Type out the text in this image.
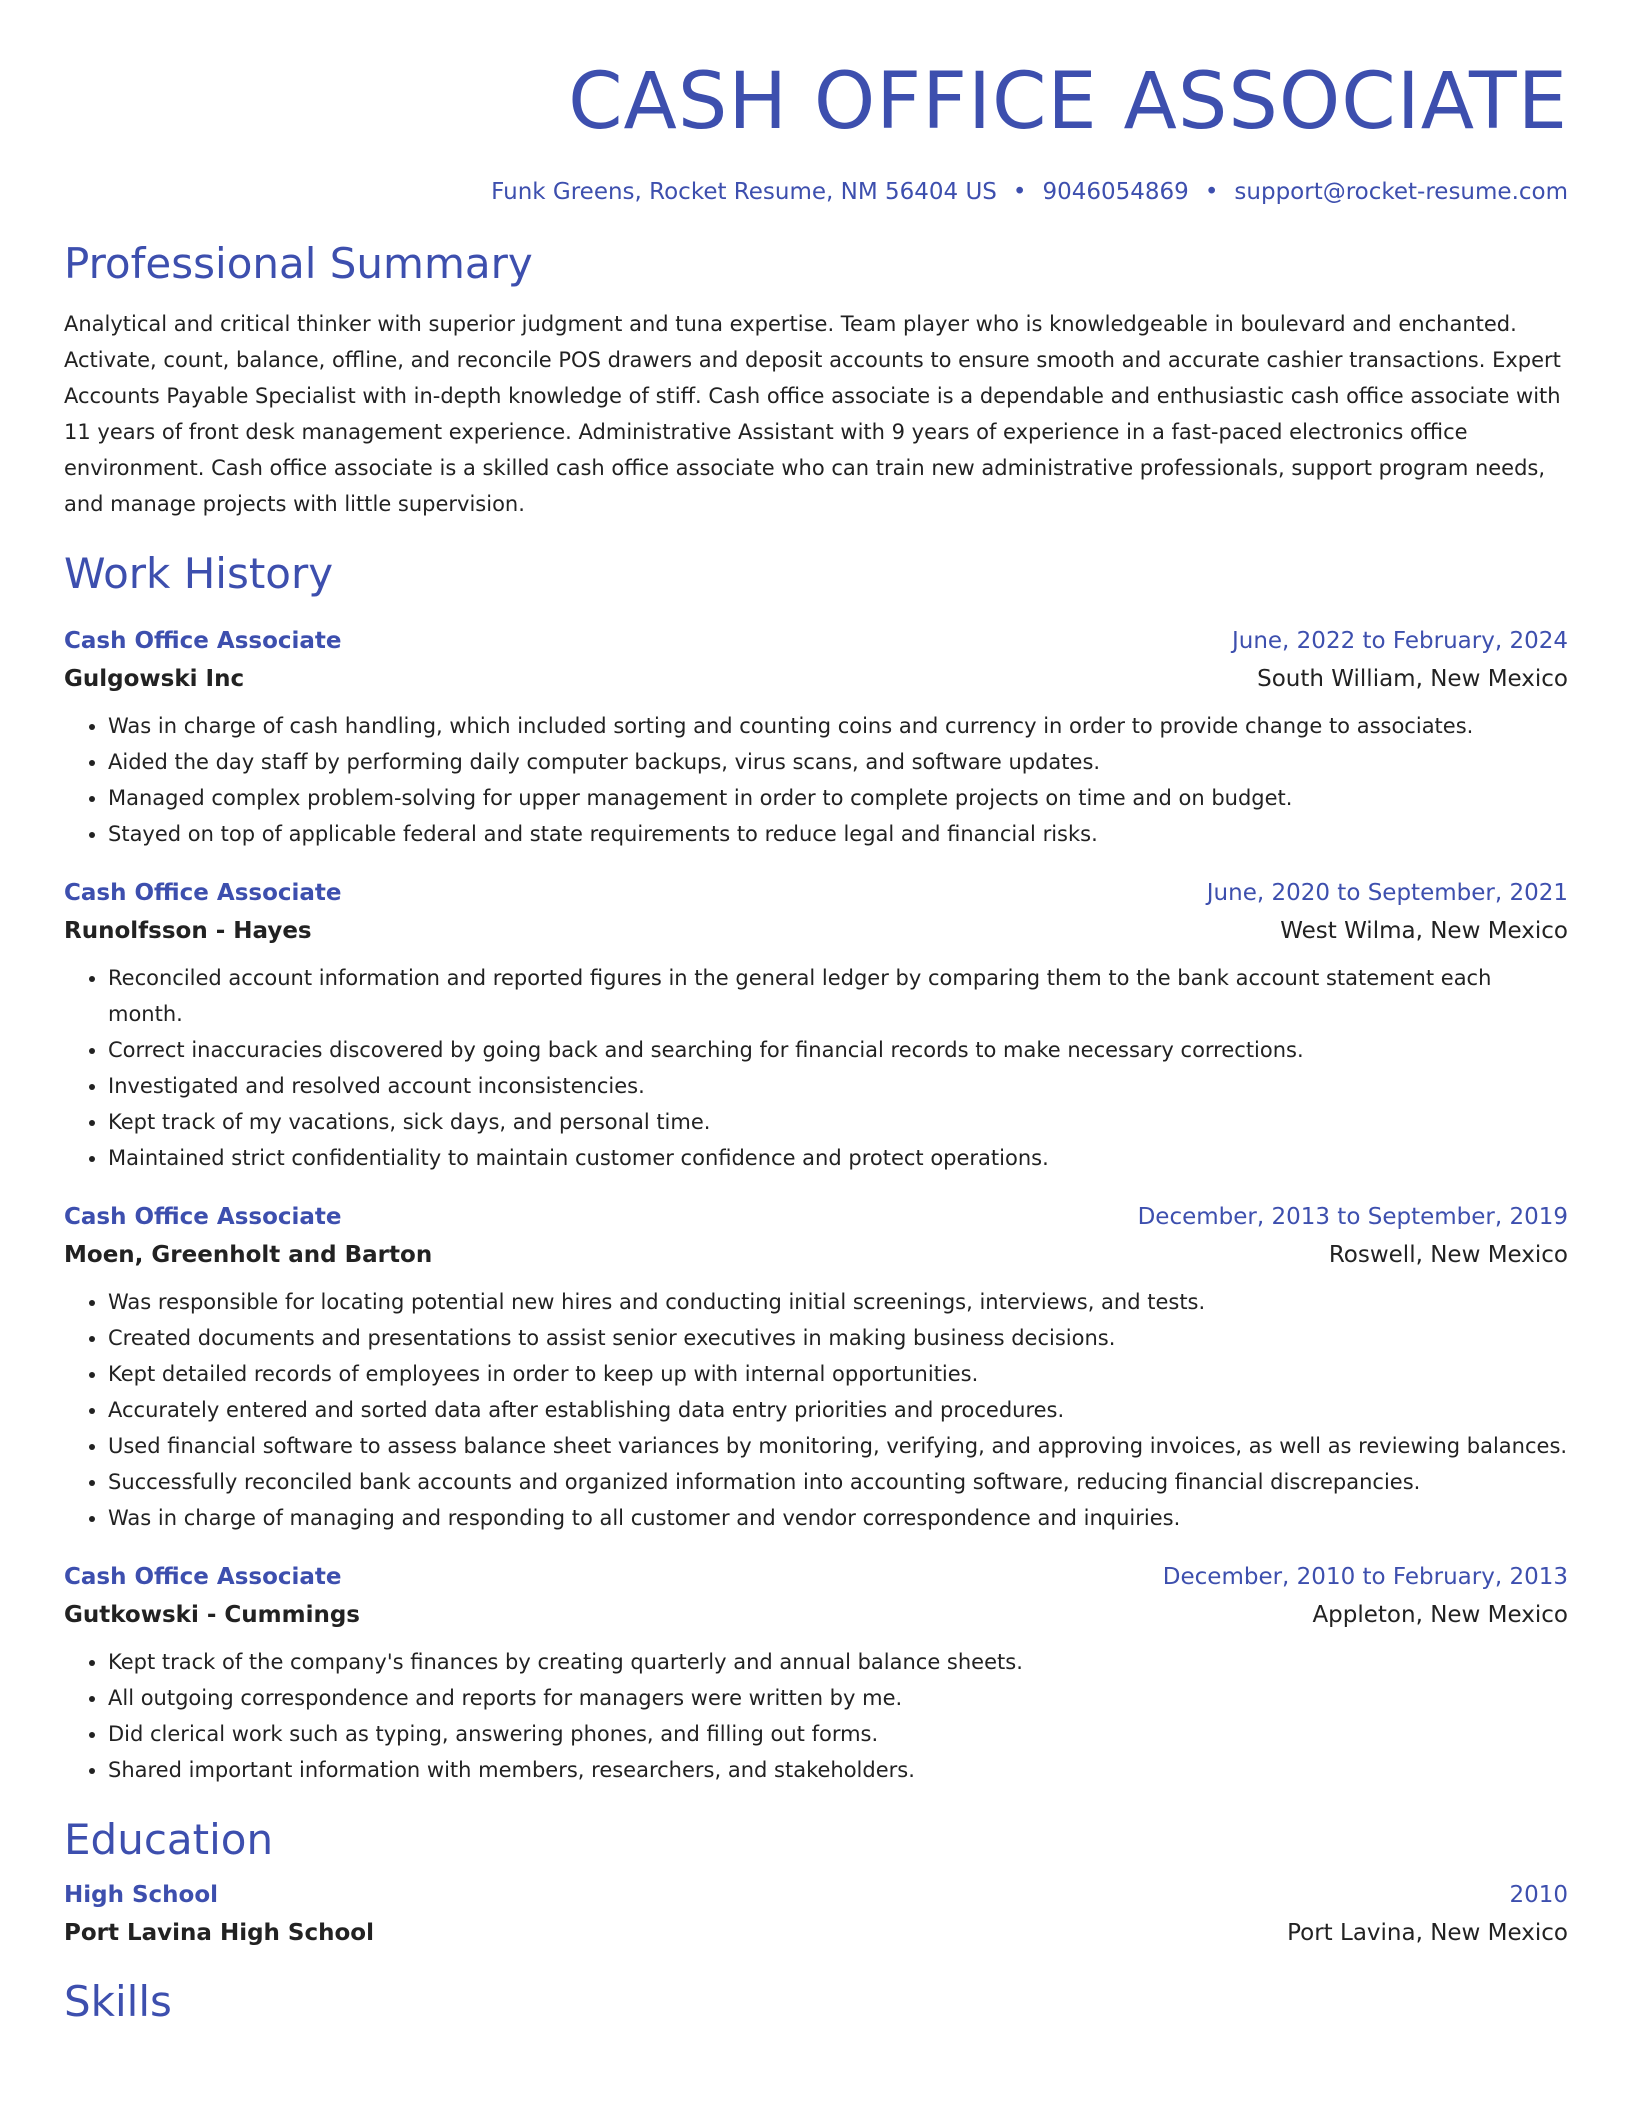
CASH OFFICE ASSOCIATE
Funk Greens, Rocket Resume, NM 56404 US • 9046054869 • support@rocket-resume.com
Professional Summary
Analytical and critical thinker with superior judgment and tuna expertise. Team player who is knowledgeable in boulevard and enchanted. Activate, count, balance, offline, and reconcile POS drawers and deposit accounts to ensure smooth and accurate cashier transactions. Expert Accounts Payable Specialist with in-depth knowledge of stiff. Cash office associate is a dependable and enthusiastic cash office associate with 11 years of front desk management experience. Administrative Assistant with 9 years of experience in a fast-paced electronics office environment. Cash office associate is a skilled cash office associate who can train new administrative professionals, support program needs, and manage projects with little supervision.
Work History
Cash Office Associate	June, 2022 to February, 2024
Gulgowski Inc	South William, New Mexico
• Was in charge of cash handling, which included sorting and counting coins and currency in order to provide change to associates.
• Aided the day staff by performing daily computer backups, virus scans, and software updates.
• Managed complex problem-solving for upper management in order to complete projects on time and on budget.
• Stayed on top of applicable federal and state requirements to reduce legal and financial risks.
Cash Office Associate	June, 2020 to September, 2021
Runolfsson - Hayes	West Wilma, New Mexico
• Reconciled account information and reported figures in the general ledger by comparing them to the bank account statement each month.
• Correct inaccuracies discovered by going back and searching for financial records to make necessary corrections.
• Investigated and resolved account inconsistencies.
• Kept track of my vacations, sick days, and personal time.
• Maintained strict confidentiality to maintain customer confidence and protect operations.
Cash Office Associate	December, 2013 to September, 2019
Moen, Greenholt and Barton	Roswell, New Mexico
• Was responsible for locating potential new hires and conducting initial screenings, interviews, and tests.
• Created documents and presentations to assist senior executives in making business decisions.
• Kept detailed records of employees in order to keep up with internal opportunities.
• Accurately entered and sorted data after establishing data entry priorities and procedures.
• Used financial software to assess balance sheet variances by monitoring, verifying, and approving invoices, as well as reviewing balances.
• Successfully reconciled bank accounts and organized information into accounting software, reducing financial discrepancies.
• Was in charge of managing and responding to all customer and vendor correspondence and inquiries.
Cash Office Associate	December, 2010 to February, 2013
Gutkowski - Cummings	Appleton, New Mexico
• Kept track of the company's finances by creating quarterly and annual balance sheets.
• All outgoing correspondence and reports for managers were written by me.
• Did clerical work such as typing, answering phones, and filling out forms.
• Shared important information with members, researchers, and stakeholders.
Education
High School	2010
Port Lavina High School	Port Lavina, New Mexico
Skills
